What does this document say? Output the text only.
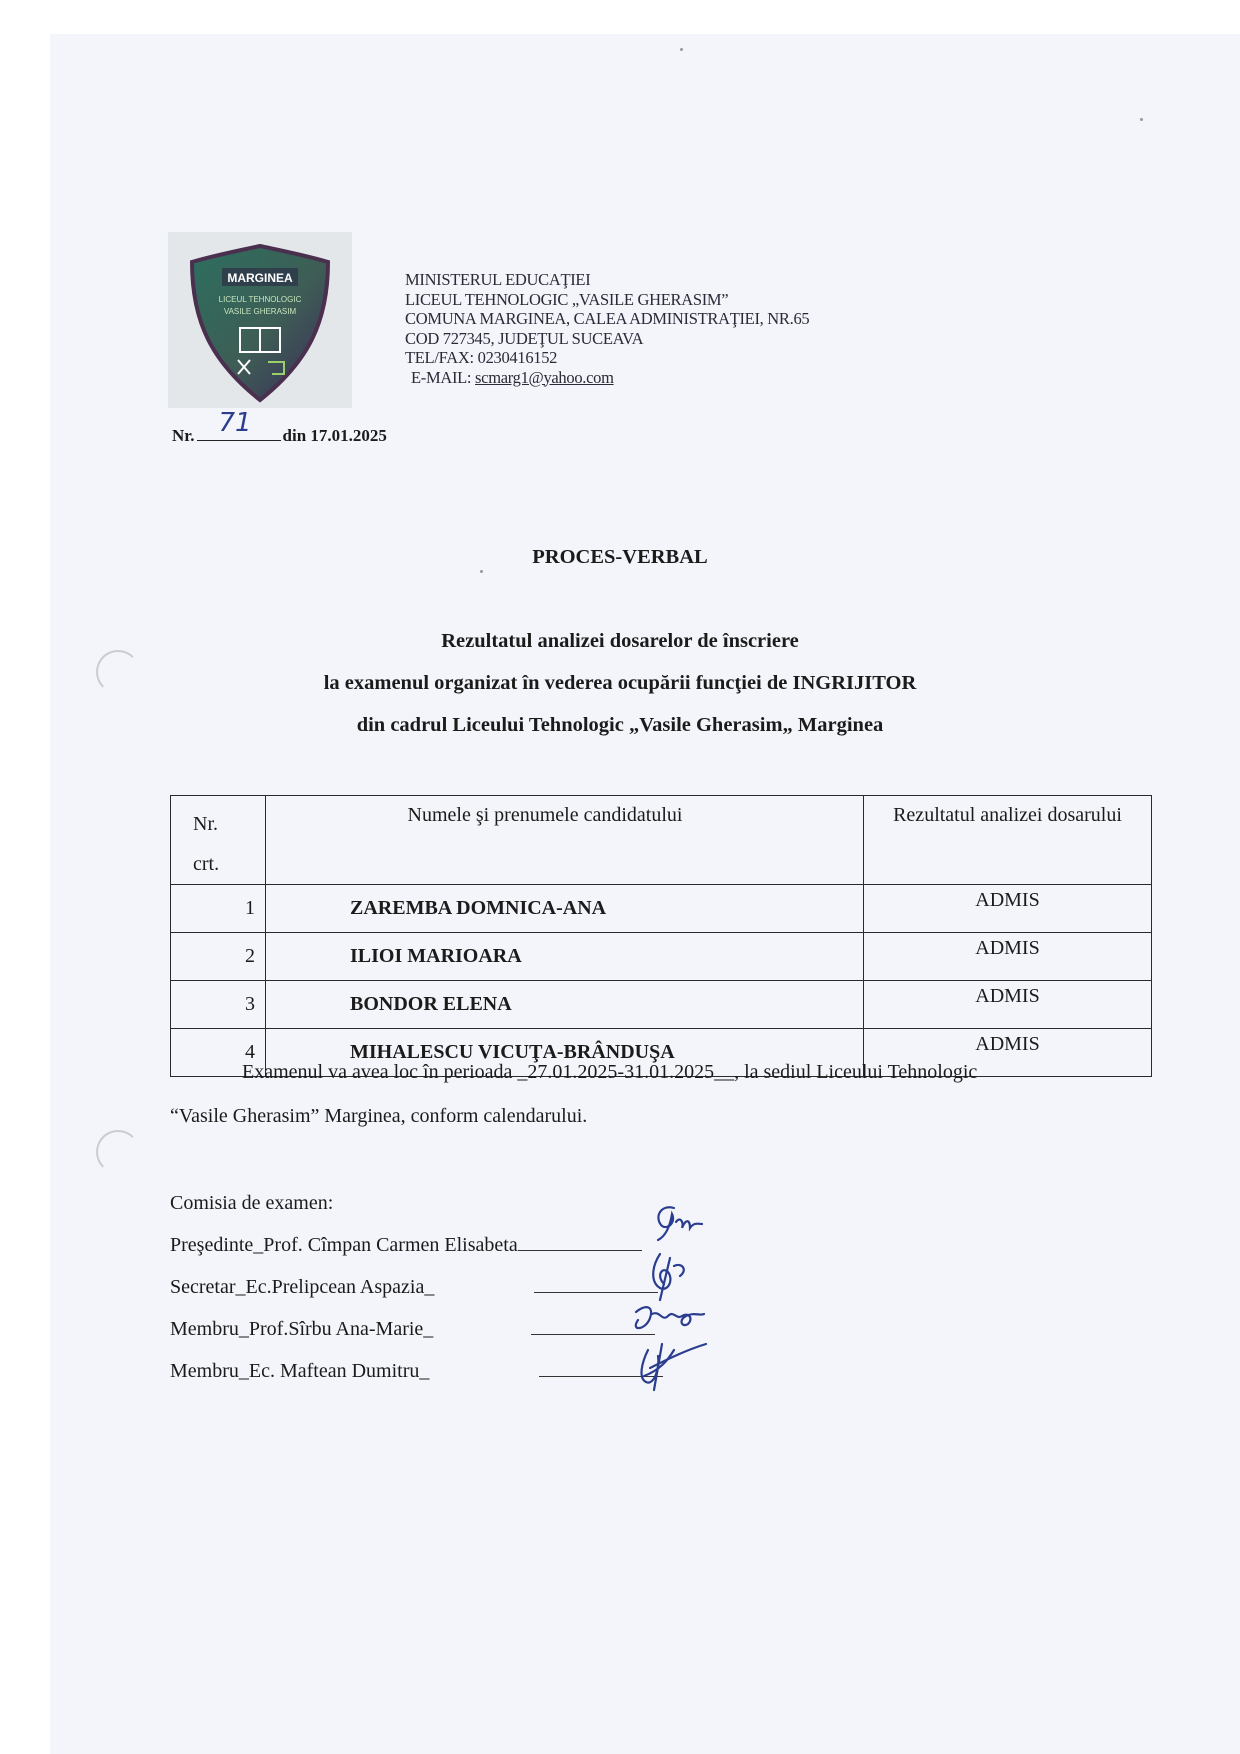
MARGINEA
LICEUL TEHNOLOGIC
VASILE GHERASIM
MINISTERUL EDUCAŢIEI
LICEUL TEHNOLOGIC „VASILE GHERASIM”
COMUNA MARGINEA, CALEA ADMINISTRAŢIEI, NR.65
COD 727345, JUDEŢUL SUCEAVA
TEL/FAX: 0230416152
E-MAIL: scmarg1@yahoo.com
Nr. 71 din 17.01.2025
PROCES-VERBAL
Rezultatul analizei dosarelor de înscriere
la examenul organizat în vederea ocupării funcţiei de INGRIJITOR
din cadrul Liceului Tehnologic „Vasile Gherasim„ Marginea
Nr.
crt.	Numele şi prenumele candidatului	Rezultatul analizei dosarului
1	ZAREMBA DOMNICA-ANA	ADMIS
2	ILIOI MARIOARA	ADMIS
3	BONDOR ELENA	ADMIS
4	MIHALESCU VICUŢA-BRÂNDUŞA	ADMIS
Examenul va avea loc în perioada _27.01.2025-31.01.2025__, la sediul Liceului Tehnologic
“Vasile Gherasim” Marginea, conform calendarului.
Comisia de examen:
Preşedinte_Prof. Cîmpan Carmen Elisabeta
Secretar_Ec.Prelipcean Aspazia_
Membru_Prof.Sîrbu Ana-Marie_
Membru_Ec. Maftean Dumitru_
